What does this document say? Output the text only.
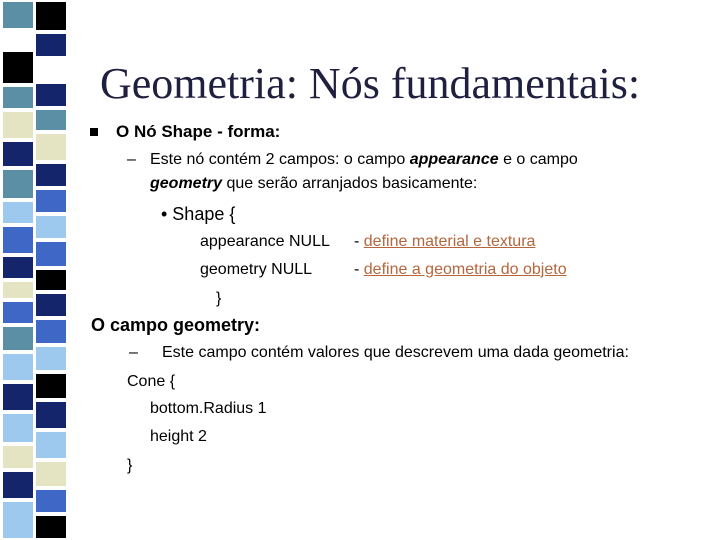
Geometria: Nós fundamentais:
O Nó Shape - forma:
– Este nó contém 2 campos: o campo appearance e o campo
geometry que serão arranjados basicamente:
• Shape {
appearance NULL - define material e textura
geometry NULL	- define a geometria do objeto
}
O campo geometry:
– Este campo contém valores que descrevem uma dada geometria:
Cone {
bottom.Radius 1
height 2
}
